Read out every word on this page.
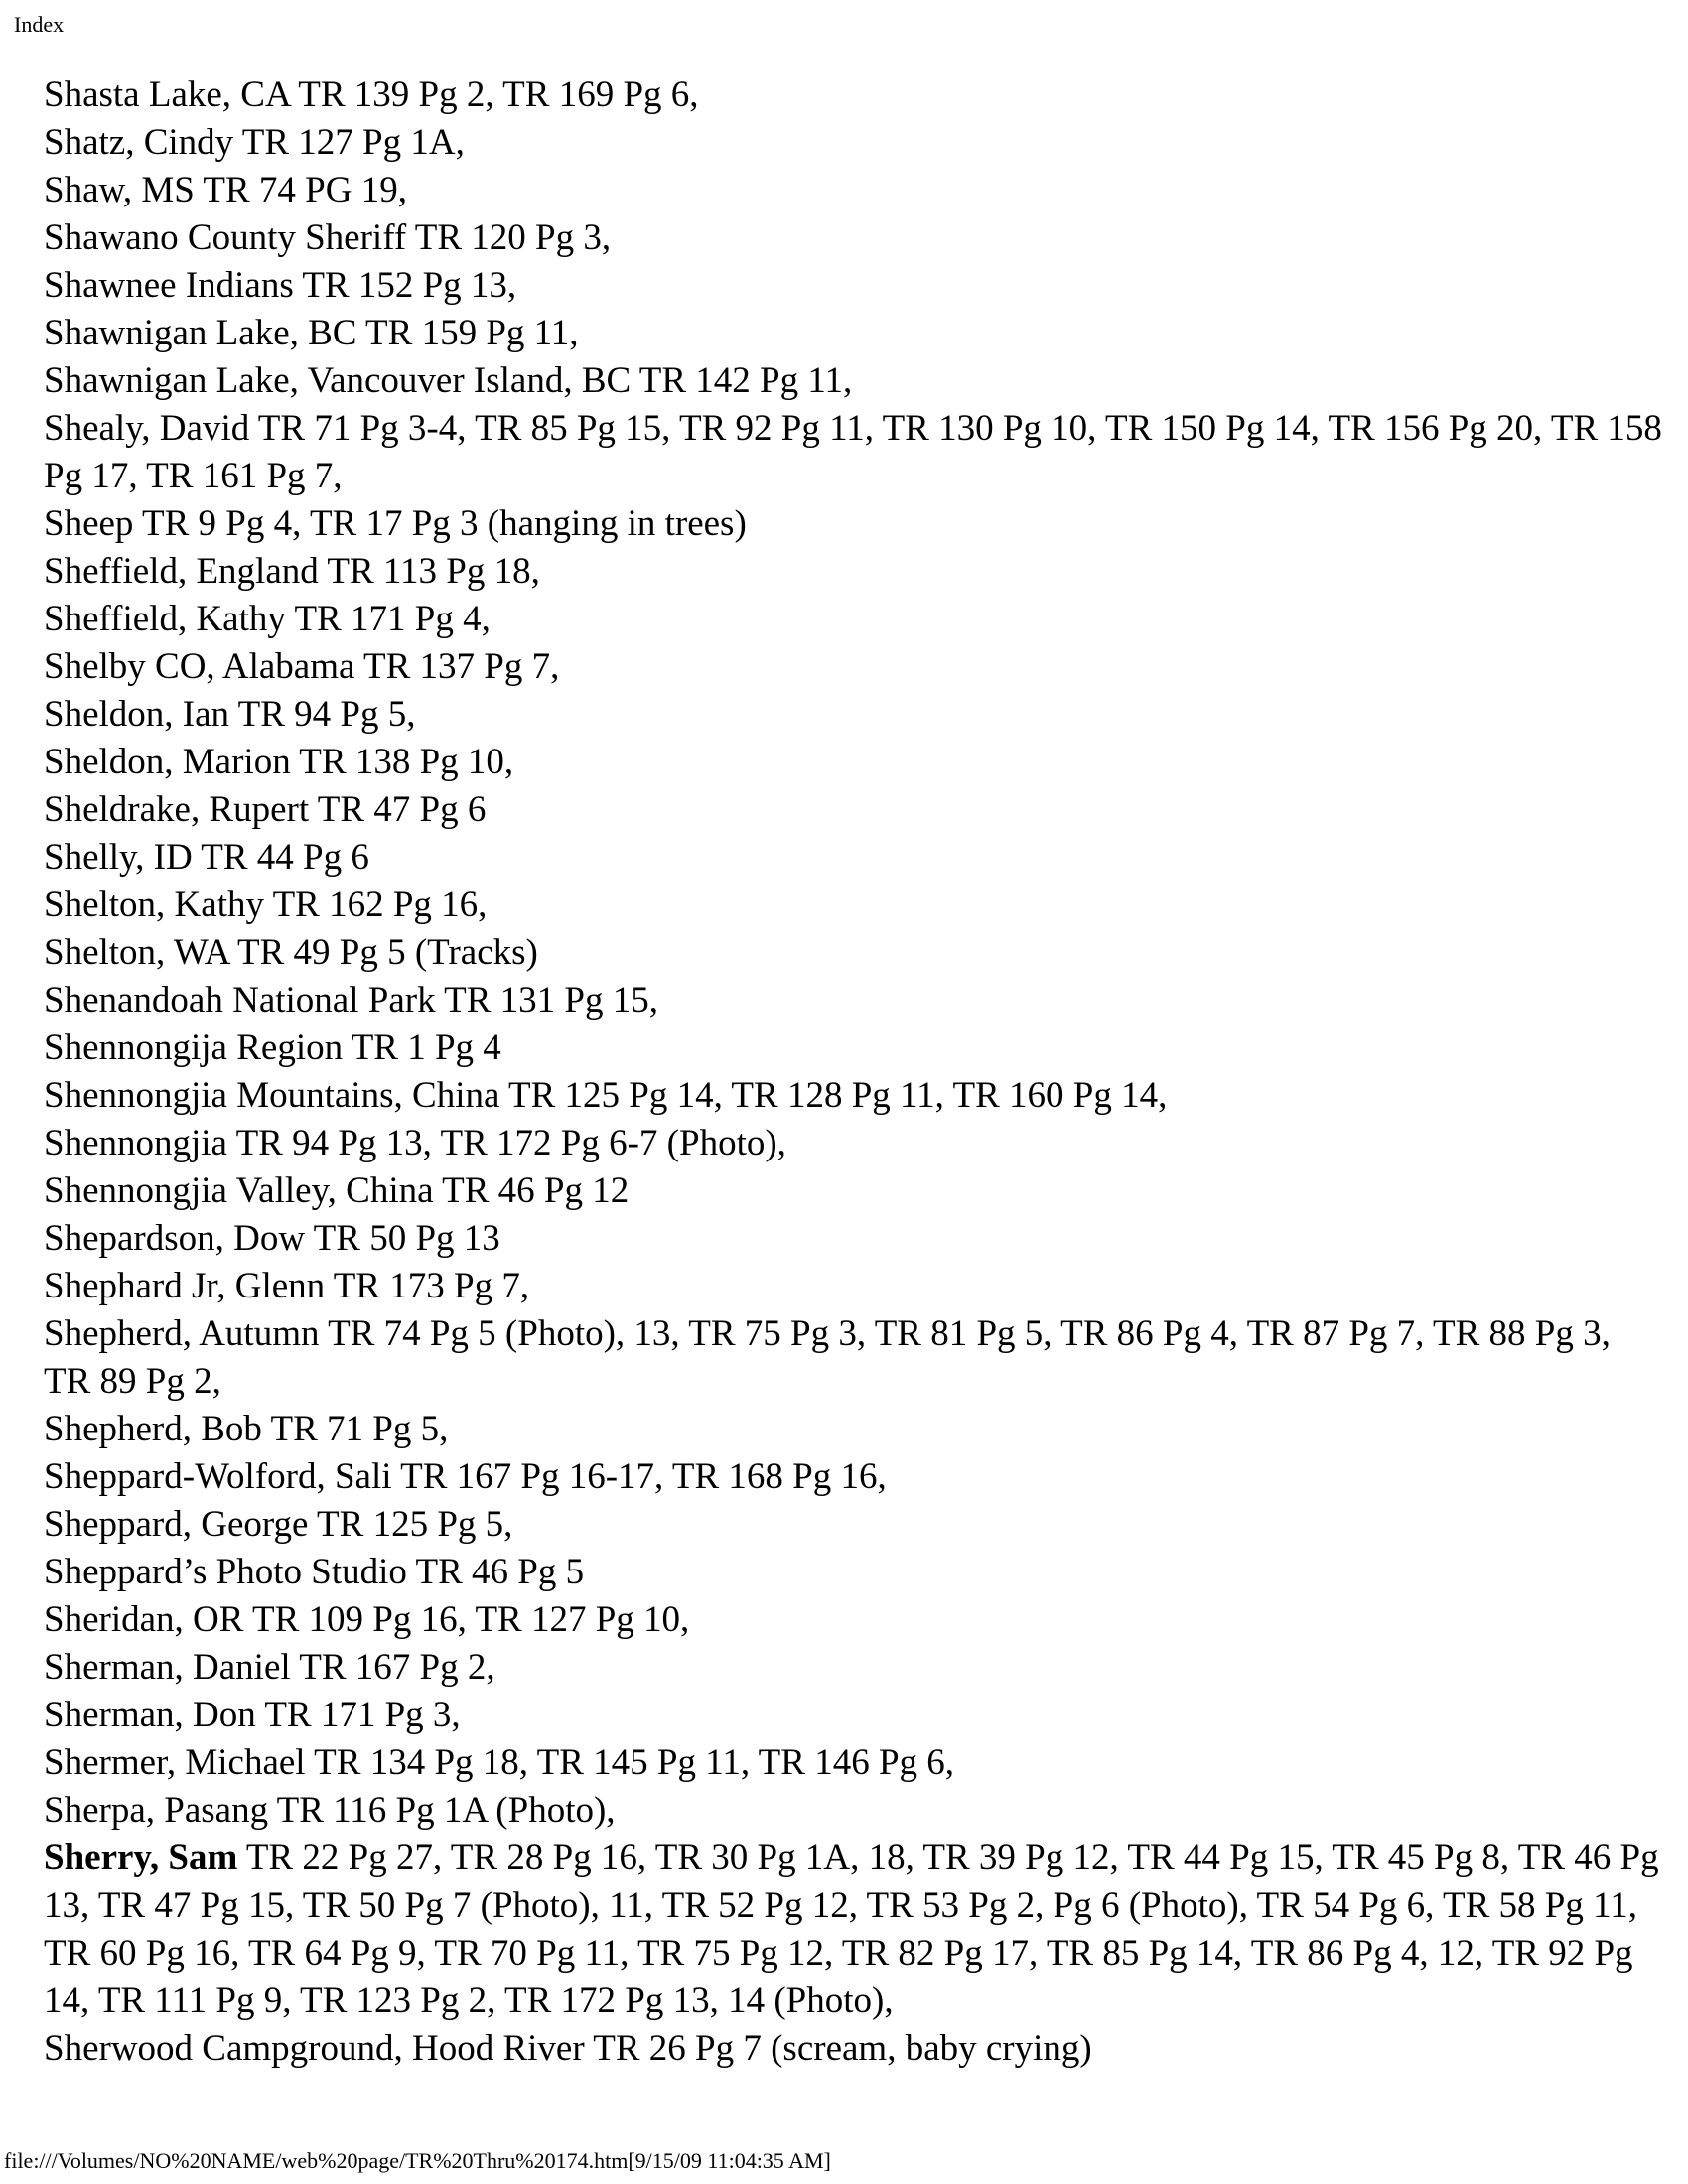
Index

Shasta Lake, CA TR 139 Pg 2, TR 169 Pg 6,

Shatz, Cindy TR 127 Pg 1A,

Shaw, MS TR 74 PG 19,

Shawano County Sheriff TR 120 Pg 3,

Shawnee Indians TR 152 Pg 13,

Shawnigan Lake, BC TR 159 Pg 11,

Shawnigan Lake, Vancouver Island, BC TR 142 Pg 11,

Shealy, David TR 71 Pg 3-4, TR 85 Pg 15, TR 92 Pg 11, TR 130 Pg 10, TR 150 Pg 14, TR 156 Pg 20, TR 158 Pg 17, TR 161 Pg 7,

Sheep TR 9 Pg 4, TR 17 Pg 3 (hanging in trees)

Sheffield, England TR 113 Pg 18,

Sheffield, Kathy TR 171 Pg 4,

Shelby CO, Alabama TR 137 Pg 7,

Sheldon, Ian TR 94 Pg 5,

Sheldon, Marion TR 138 Pg 10,

Sheldrake, Rupert TR 47 Pg 6

Shelly, ID TR 44 Pg 6

Shelton, Kathy TR 162 Pg 16,

Shelton, WA TR 49 Pg 5 (Tracks)

Shenandoah National Park TR 131 Pg 15,

Shennongija Region TR 1 Pg 4

Shennongjia Mountains, China TR 125 Pg 14, TR 128 Pg 11, TR 160 Pg 14,

Shennongjia TR 94 Pg 13, TR 172 Pg 6-7 (Photo),

Shennongjia Valley, China TR 46 Pg 12

Shepardson, Dow TR 50 Pg 13

Shephard Jr, Glenn TR 173 Pg 7,

Shepherd, Autumn TR 74 Pg 5 (Photo), 13, TR 75 Pg 3, TR 81 Pg 5, TR 86 Pg 4, TR 87 Pg 7, TR 88 Pg 3, TR 89 Pg 2,

Shepherd, Bob TR 71 Pg 5,

Sheppard-Wolford, Sali TR 167 Pg 16-17, TR 168 Pg 16,

Sheppard, George TR 125 Pg 5,

Sheppard’s Photo Studio TR 46 Pg 5

Sheridan, OR TR 109 Pg 16, TR 127 Pg 10,

Sherman, Daniel TR 167 Pg 2,

Sherman, Don TR 171 Pg 3,

Shermer, Michael TR 134 Pg 18, TR 145 Pg 11, TR 146 Pg 6,

Sherpa, Pasang TR 116 Pg 1A (Photo),

Sherry, Sam TR 22 Pg 27, TR 28 Pg 16, TR 30 Pg 1A, 18, TR 39 Pg 12, TR 44 Pg 15, TR 45 Pg 8, TR 46 Pg 13, TR 47 Pg 15, TR 50 Pg 7 (Photo), 11, TR 52 Pg 12, TR 53 Pg 2, Pg 6 (Photo), TR 54 Pg 6, TR 58 Pg 11, TR 60 Pg 16, TR 64 Pg 9, TR 70 Pg 11, TR 75 Pg 12, TR 82 Pg 17, TR 85 Pg 14, TR 86 Pg 4, 12, TR 92 Pg 14, TR 111 Pg 9, TR 123 Pg 2, TR 172 Pg 13, 14 (Photo),

Sherwood Campground, Hood River TR 26 Pg 7 (scream, baby crying)

file:///Volumes/NO%20NAME/web%20page/TR%20Thru%20174.htm[9/15/09 11:04:35 AM]
